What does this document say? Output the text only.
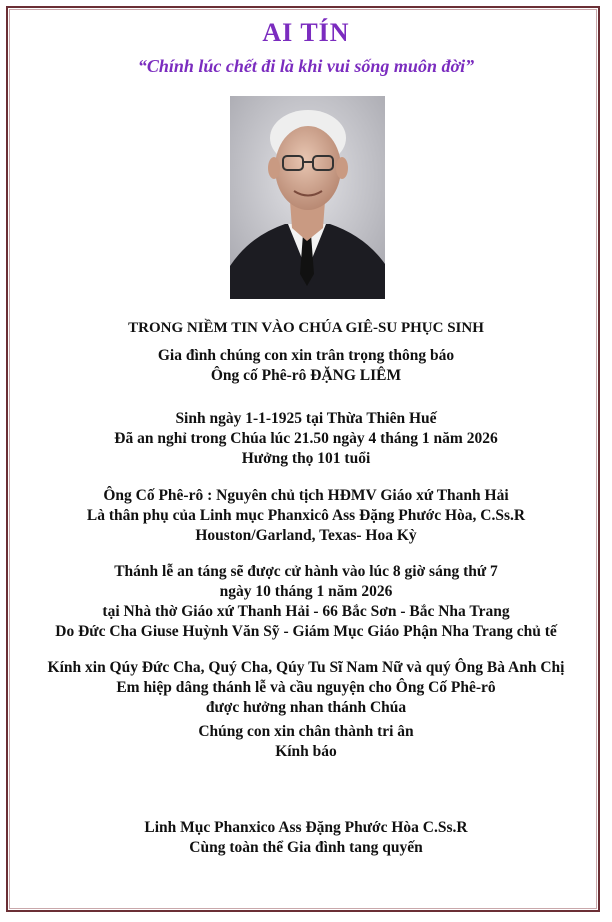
AI TÍN
“Chính lúc chết đi là khi vui sống muôn đời”
TRONG NIỀM TIN VÀO CHÚA GIÊ-SU PHỤC SINH
Gia đình chúng con xin trân trọng thông báo
Ông cố Phê-rô ĐẶNG LIÊM
Sinh ngày 1-1-1925 tại Thừa Thiên Huế
Đã an nghỉ trong Chúa lúc 21.50 ngày 4 tháng 1 năm 2026
Hưởng thọ 101 tuổi
Ông Cố Phê-rô : Nguyên chủ tịch HĐMV Giáo xứ Thanh Hải
Là thân phụ của Linh mục Phanxicô Ass Đặng Phước Hòa, C.Ss.R
Houston/Garland, Texas- Hoa Kỳ
Thánh lễ an táng sẽ được cử hành vào lúc 8 giờ sáng thứ 7
ngày 10 tháng 1 năm 2026
tại Nhà thờ Giáo xứ Thanh Hải - 66 Bắc Sơn - Bắc Nha Trang
Do Đức Cha Giuse Huỳnh Văn Sỹ - Giám Mục Giáo Phận Nha Trang chủ tế
Kính xin Qúy Đức Cha, Quý Cha, Qúy Tu Sĩ Nam Nữ và quý Ông Bà Anh Chị
Em hiệp dâng thánh lễ và cầu nguyện cho Ông Cố Phê-rô
được hưởng nhan thánh Chúa
Chúng con xin chân thành tri ân
Kính báo
Linh Mục Phanxico Ass Đặng Phước Hòa C.Ss.R
Cùng toàn thể Gia đình tang quyến
